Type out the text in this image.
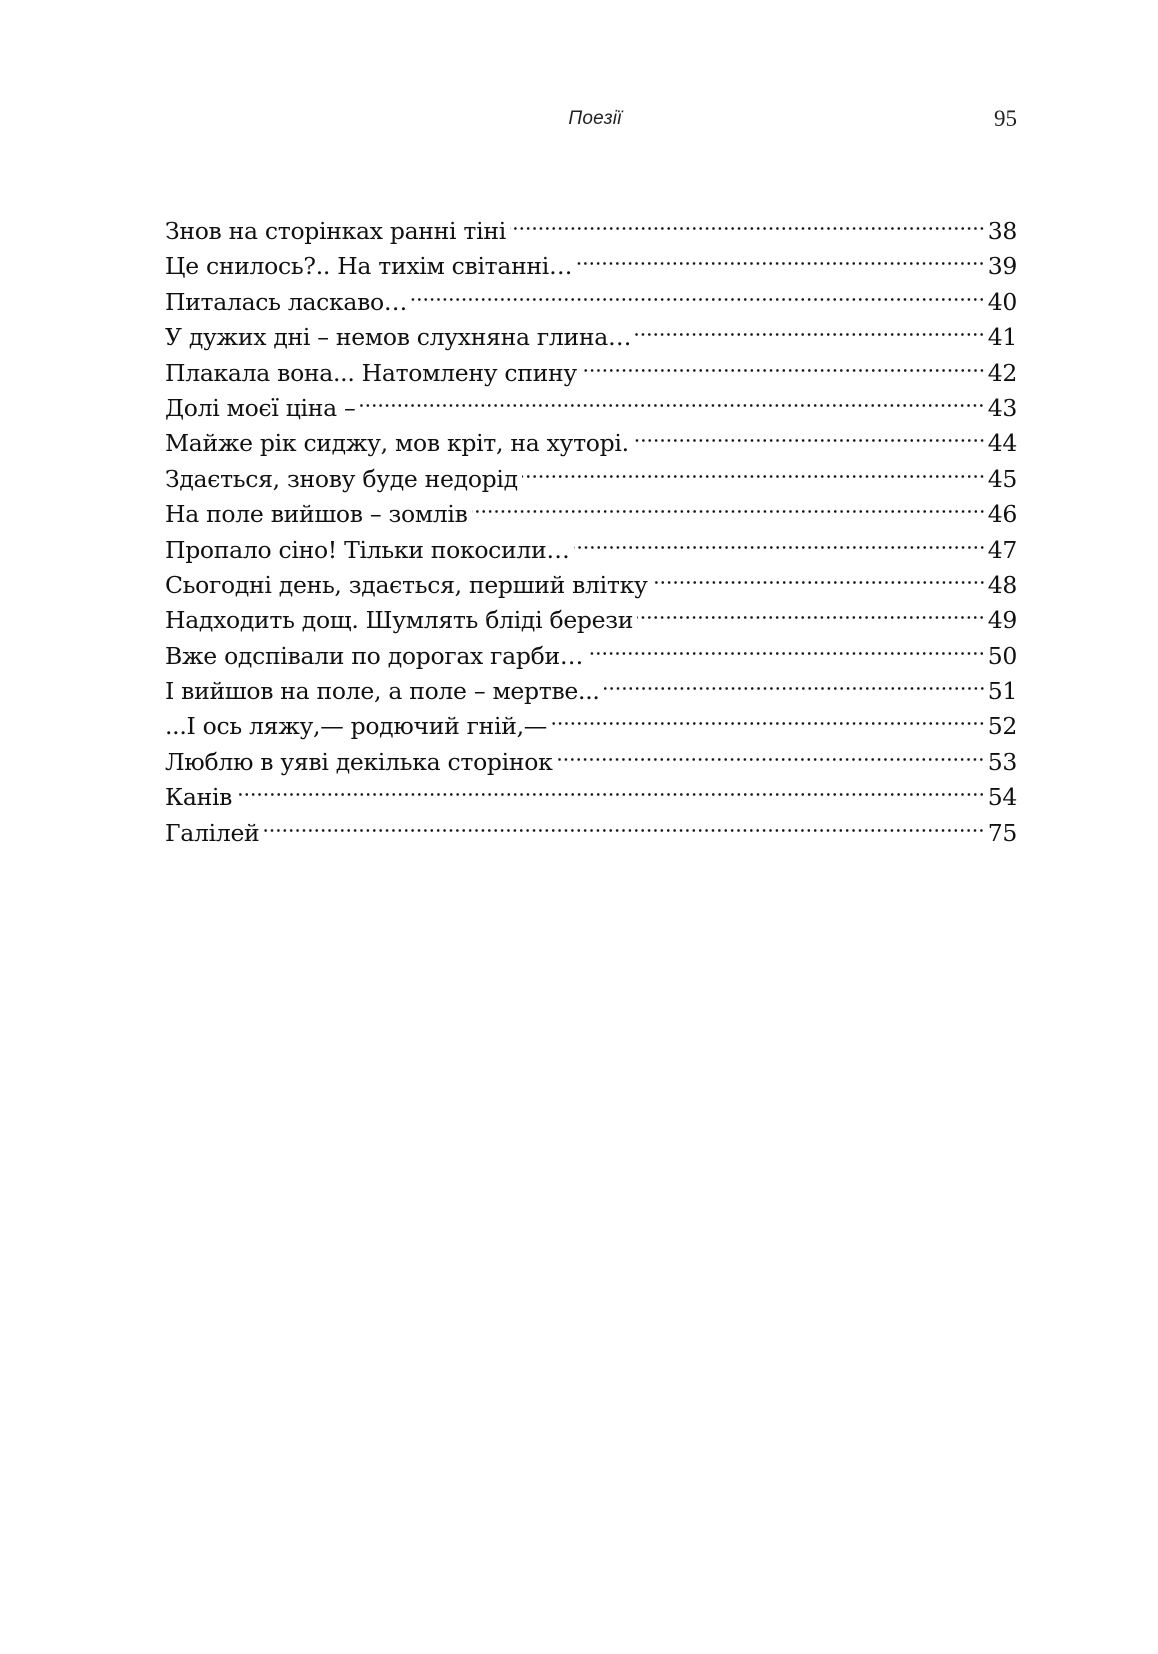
Поезії	95
Знов на сторінках ранні тіні	38
Це снилось?.. На тихім світанні…	39
Питалась ласкаво…	40
У дужих дні – немов слухняна глина…	41
Плакала вона... Натомлену спину	42
Долі моєї ціна –	43
Майже рік сиджу, мов кріт, на хуторі.	44
Здається, знову буде недорід	45
На поле вийшов – зомлів	46
Пропало сіно! Тільки покосили…	47
Сьогодні день, здається, перший влітку	48
Надходить дощ. Шумлять бліді берези	49
Вже одспівали по дорогах гарби…	50
І вийшов на поле, а поле – мертве...	51
...І ось ляжу,— родючий гній,—	52
Люблю в уяві декілька сторінок	53
Канів	54
Галілей	75
